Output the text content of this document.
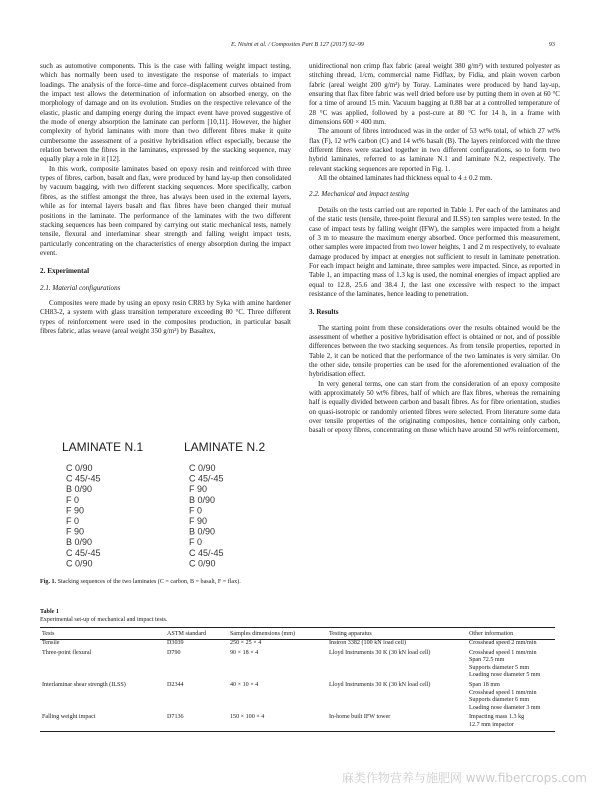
E. Nisini et al. / Composites Part B 127 (2017) 92–99	93

such as automotive components. This is the case with falling weight impact testing, which has normally been used to investigate the response of materials to impact loadings. The analysis of the force–time and force–displacement curves obtained from the impact test allows the determination of information on absorbed energy, on the morphology of damage and on its evolution. Studies on the respective relevance of the elastic, plastic and damping energy during the impact event have proved suggestive of the mode of energy absorption the laminate can perform [10,11]. However, the higher complexity of hybrid laminates with more than two different fibres make it quite cumbersome the assessment of a positive hybridisation effect especially, because the relation between the fibres in the laminates, expressed by the stacking sequence, may equally play a role in it [12].

In this work, composite laminates based on epoxy resin and reinforced with three types of fibres, carbon, basalt and flax, were produced by hand lay-up then consolidated by vacuum bagging, with two different stacking sequences. More specifically, carbon fibres, as the stiffest amongst the three, has always been used in the external layers, while as for internal layers basalt and flax fibres have been changed their mutual positions in the laminate. The performance of the laminates with the two different stacking sequences has been compared by carrying out static mechanical tests, namely tensile, flexural and interlaminar shear strength and falling weight impact tests, particularly concentrating on the characteristics of energy absorption during the impact event.

2. Experimental
2.1. Material configurations

Composites were made by using an epoxy resin CR83 by Syka with amine hardener CH83-2, a system with glass transition temperature exceeding 80 °C. Three different types of reinforcement were used in the composites production, in particular basalt fibres fabric, atlas weave (areal weight 350 g/m²) by Basaltex,

unidirectional non crimp flax fabric (areal weight 380 g/m²) with textured polyester as stitching thread, 1/cm, commercial name Fidflax, by Fidia, and plain woven carbon fabric (areal weight 200 g/m²) by Toray. Laminates were produced by hand lay-up, ensuring that flax fibre fabric was well dried before use by putting them in oven at 60 °C for a time of around 15 min. Vacuum bagging at 0.88 bar at a controlled temperature of 28 °C was applied, followed by a post-cure at 80 °C for 14 h, in a frame with dimensions 600 × 400 mm.

The amount of fibres introduced was in the order of 53 wt% total, of which 27 wt% flax (F), 12 wt% carbon (C) and 14 wt% basalt (B). The layers reinforced with the three different fibres were stacked together in two different configurations, so to form two hybrid laminates, referred to as laminate N.1 and laminate N.2, respectively. The relevant stacking sequences are reported in Fig. 1.

All the obtained laminates had thickness equal to 4 ± 0.2 mm.

2.2. Mechanical and impact testing

Details on the tests carried out are reported in Table 1. Per each of the laminates and of the static tests (tensile, three-point flexural and ILSS) ten samples were tested. In the case of impact tests by falling weight (IFW), the samples were impacted from a height of 3 m to measure the maximum energy absorbed. Once performed this measurement, other samples were impacted from two lower heights, 1 and 2 m respectively, to evaluate damage produced by impact at energies not sufficient to result in laminate penetration. For each impact height and laminate, three samples were impacted. Since, as reported in Table 1, an impacting mass of 1.3 kg is used, the nominal energies of impact applied are equal to 12.8, 25.6 and 38.4 J, the last one excessive with respect to the impact resistance of the laminates, hence leading to penetration.

3. Results

The starting point from these considerations over the results obtained would be the assessment of whether a positive hybridisation effect is obtained or not, and of possible differences between the two stacking sequences. As from tensile properties, reported in Table 2, it can be noticed that the performance of the two laminates is very similar. On the other side, tensile properties can be used for the aforementioned evaluation of the hybridisation effect.

In very general terms, one can start from the consideration of an epoxy composite with approximately 50 wt% fibres, half of which are flax fibres, whereas the remaining half is equally divided between carbon and basalt fibres. As for fibre orientation, studies on quasi-isotropic or randomly oriented fibres were selected. From literature some data over tensile properties of the originating composites, hence containing only carbon, basalt or epoxy fibres, concentrating on those which have around 50 wt% reinforcement,

LAMINATE N.1	LAMINATE N.2
C 0/90
C 45/-45
B 0/90
F 0
F 90
F 0
F 90
B 0/90
C 45/-45
C 0/90
C 0/90
C 45/-45
F 90
B 0/90
F 0
F 90
B 0/90
F 0
C 45/-45
C 0/90
Fig. 1. Stacking sequences of the two laminates (C = carbon, B = basalt, F = flax).
Table 1
Experimental set-up of mechanical and impact tests.
Tests	ASTM standard	Samples dimensions (mm)	Testing apparatus	Other information
Tensile	D3039	250 × 25 × 4	Instron 3382 (100 kN load cell)	Crosshead speed 2 mm/min
Three-point flexural	D790	90 × 18 × 4	Lloyd Instruments 30 K (30 kN load cell)	Crosshead speed 1 mm/min
				Span 72.5 mm
				Supports diameter 5 mm
				Loading nose diameter 5 mm
Interlaminar shear strength (ILSS)	D2344	40 × 10 × 4	Lloyd Instruments 30 K (30 kN load cell)	Span 18 mm
				Crosshead speed 1 mm/min
				Supports diameter 6 mm
				Loading nose diameter 3 mm
Falling weight impact	D7136	150 × 100 × 4	In-home built IFW tower	Impacting mass 1.3 kg
				12.7 mm impactor
麻类作物营养与施肥网 www.fibercrops.com
